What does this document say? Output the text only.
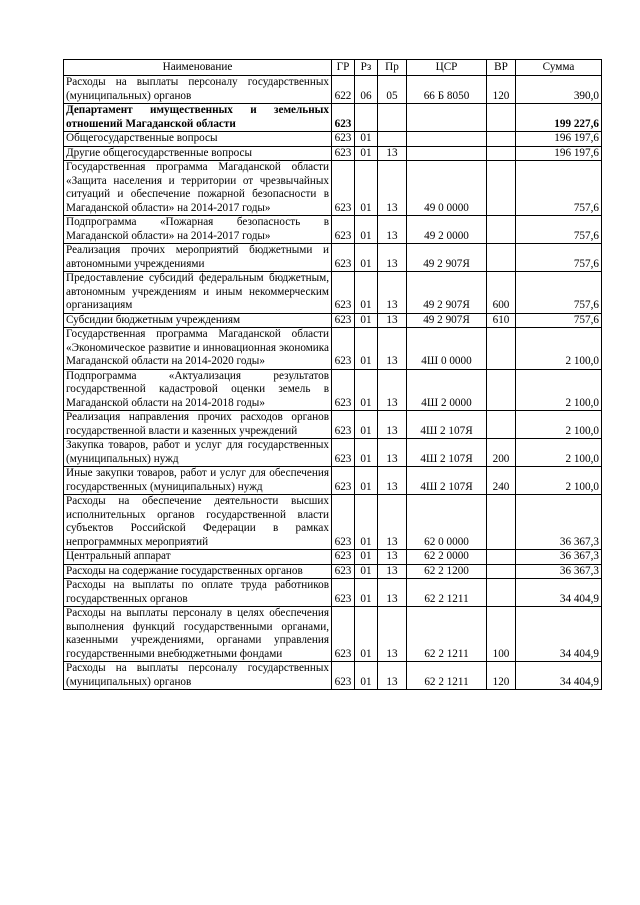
Наименование	ГР	Рз	Пр	ЦСР	ВР	Сумма
Расходы на выплаты персоналу государственных (муниципальных) органов	622	06	05	66 Б 8050	120	390,0
Департамент имущественных и земельных отношений Магаданской области	623					199 227,6
Общегосударственные вопросы	623	01				196 197,6
Другие общегосударственные вопросы	623	01	13			196 197,6
Государственная программа Магаданской области «Защита населения и территории от чрезвычайных ситуаций и обеспечение пожарной безопасности в Магаданской области» на 2014-2017 годы»	623	01	13	49 0 0000		757,6
Подпрограмма «Пожарная безопасность в Магаданской области» на 2014-2017 годы»	623	01	13	49 2 0000		757,6
Реализация прочих мероприятий бюджетными и автономными учреждениями	623	01	13	49 2 907Я		757,6
Предоставление субсидий федеральным бюджетным, автономным учреждениям и иным некоммерческим организациям	623	01	13	49 2 907Я	600	757,6
Субсидии бюджетным учреждениям	623	01	13	49 2 907Я	610	757,6
Государственная программа Магаданской области «Экономическое развитие и инновационная экономика Магаданской области на 2014-2020 годы»	623	01	13	4Ш 0 0000		2 100,0
Подпрограмма «Актуализация результатов государственной кадастровой оценки земель в Магаданской области на 2014-2018 годы»	623	01	13	4Ш 2 0000		2 100,0
Реализация направления прочих расходов органов государственной власти и казенных учреждений	623	01	13	4Ш 2 107Я		2 100,0
Закупка товаров, работ и услуг для государственных (муниципальных) нужд	623	01	13	4Ш 2 107Я	200	2 100,0
Иные закупки товаров, работ и услуг для обеспечения государственных (муниципальных) нужд	623	01	13	4Ш 2 107Я	240	2 100,0
Расходы на обеспечение деятельности высших исполнительных органов государственной власти субъектов Российской Федерации в рамках непрограммных мероприятий	623	01	13	62 0 0000		36 367,3
Центральный аппарат	623	01	13	62 2 0000		36 367,3
Расходы на содержание государственных органов	623	01	13	62 2 1200		36 367,3
Расходы на выплаты по оплате труда работников государственных органов	623	01	13	62 2 1211		34 404,9
Расходы на выплаты персоналу в целях обеспечения выполнения функций государственными органами, казенными учреждениями, органами управления государственными внебюджетными фондами	623	01	13	62 2 1211	100	34 404,9
Расходы на выплаты персоналу государственных (муниципальных) органов	623	01	13	62 2 1211	120	34 404,9
